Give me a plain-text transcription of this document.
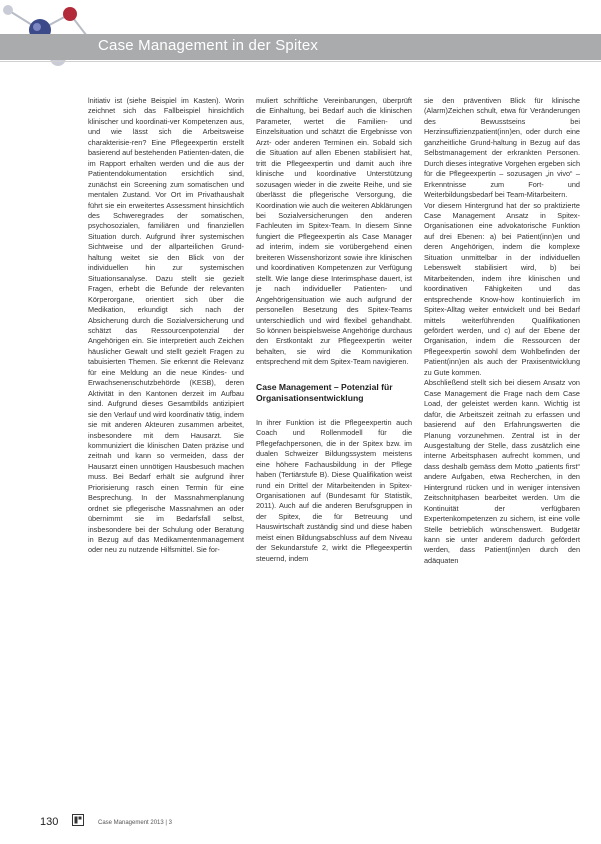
Case Management in der Spitex

lnitiativ ist (siehe Beispiel im Kasten). Worin zeichnet sich das Fallbeispiel hinsichtlich klinischer und koordinati-ver Kompetenzen aus, und wie lässt sich die Arbeitsweise charakterisie-ren? Eine Pflegeexpertin erstellt basierend auf bestehenden Patienten-daten, die im Rapport erhalten werden und die aus der Patientendokumentation ersichtlich sind, zunächst ein Screening zum somatischen und mentalen Zustand. Vor Ort im Privathaushalt führt sie ein erweitertes Assessment hinsichtlich des Schweregrades der somatischen, psychosozialen, familiären und finanziellen Situation durch. Aufgrund ihrer systemischen Sichtweise und der allparteilichen Grund-haltung weitet sie den Blick von der individuellen hin zur systemischen Situationsanalyse. Dazu stellt sie gezielt Fragen, erhebt die Befunde der relevanten Körperorgane, orientiert sich über die Medikation, erkundigt sich nach der Absicherung durch die Sozialversicherung und schätzt das Ressourcenpotenzial der Angehörigen ein. Sie interpretiert auch Zeichen häuslicher Gewalt und stellt gezielt Fragen zu tabuisierten Themen. Sie erkennt die Relevanz für eine Meldung an die neue Kindes- und Erwachsenenschutzbehörde (KESB), deren Aktivität in den Kantonen derzeit im Aufbau sind. Aufgrund dieses Gesamtbilds antizipiert sie den Verlauf und wird koordinativ tätig, indem sie mit anderen Akteuren zusammen arbeitet, insbesondere mit dem Hausarzt. Sie kommuniziert die klinischen Daten präzise und zeitnah und kann so vermeiden, dass der Hausarzt einen unnötigen Hausbesuch machen muss. Bei Bedarf erhält sie aufgrund ihrer Priorisierung rasch einen Termin für eine Besprechung. In der Massnahmenplanung ordnet sie pflegerische Massnahmen an oder übernimmt sie im Bedarfsfall selbst, insbesondere bei der Schulung oder Beratung in Bezug auf das Medikamentenmanagement oder neu zu nutzende Hilfsmittel. Sie for-

muliert schriftliche Vereinbarungen, überprüft die Einhaltung, bei Bedarf auch die klinischen Parameter, wertet die Familien- und Einzelsituation und schätzt die Ergebnisse von Arzt- oder anderen Terminen ein. Sobald sich die Situation auf allen Ebenen stabilisiert hat, tritt die Pflegeexpertin und damit auch ihre klinische und koordinative Unterstützung sozusagen wieder in die zweite Reihe, und sie überlässt die pflegerische Versorgung, die Koordination wie auch die weiteren Abklärungen bei Sozialversicherungen den anderen Fachleuten im Spitex-Team. In diesem Sinne fungiert die Pflegeexpertin als Case Manager ad interim, indem sie vorübergehend einen breiteren Wissenshorizont sowie ihre klinischen und koordinativen Kompetenzen zur Verfügung stellt. Wie lange diese Interimsphase dauert, ist je nach individueller Patienten- und Angehörigensituation wie auch aufgrund der personellen Besetzung des Spitex-Teams unterschiedlich und wird flexibel gehandhabt. So können beispielsweise Angehörige durchaus den Erstkontakt zur Pflegeexpertin weiter behalten, sie wird die Kommunikation entsprechend mit dem Spitex-Team navigieren.

Case Management – Potenzial für Organisationsentwicklung

In ihrer Funktion ist die Pflegeexpertin auch Coach und Rollenmodell für die Pflegefachpersonen, die in der Spitex bzw. im dualen Schweizer Bildungssystem meistens eine höhere Fachausbildung in der Pflege haben (Tertiärstufe B). Diese Qualifikation weist rund ein Drittel der Mitarbeitenden in Spitex-Organisationen auf (Bundesamt für Statistik, 2011). Auch auf die anderen Berufsgruppen in der Spitex, die für Betreuung und Hauswirtschaft zuständig sind und diese haben meist einen Bildungsabschluss auf dem Niveau der Sekundarstufe 2, wirkt die Pflegeexpertin steuernd, indem

sie den präventiven Blick für klinische (Alarm)Zeichen schult, etwa für Veränderungen des Bewusstseins bei Herzinsuffizienzpatient(inn)en, oder durch eine ganzheitliche Grund-haltung in Bezug auf das Selbstmanagement der erkrankten Personen. Durch dieses integrative Vorgehen ergeben sich für die Pflegeexpertin – sozusagen „in vivo“ – Erkenntnisse zum Fort- und Weiterbildungsbedarf bei Team-Mitarbeitern.

Vor diesem Hintergrund hat der so praktizierte Case Management Ansatz in Spitex-Organisationen eine advokatorische Funktion auf drei Ebenen: a) bei Patient(inn)en und deren Angehörigen, indem die komplexe Situation unmittelbar in der individuellen Lebenswelt stabilisiert wird, b) bei Mitarbeitenden, indem ihre klinischen und koordinativen Fähigkeiten und das entsprechende Know-how kontinuierlich im Spitex-Alltag weiter entwickelt und bei Bedarf mittels weiterführenden Qualifikationen gefördert werden, und c) auf der Ebene der Organisation, indem die Ressourcen der Pflegeexpertin sowohl dem Wohlbefinden der Patient(inn)en als auch der Praxisentwicklung zu Gute kommen.

Abschließend stellt sich bei diesem Ansatz von Case Management die Frage nach dem Case Load, der geleistet werden kann. Wichtig ist dafür, die Arbeitszeit zeitnah zu erfassen und basierend auf den Erfahrungswerten die Planung vorzunehmen. Zentral ist in der Ausgestaltung der Stelle, dass zusätzlich eine interne Arbeitsphasen aufrecht kommen, und dass deshalb gemäss dem Motto „patients first“ andere Aufgaben, etwa Recherchen, in den Hintergrund rücken und in weniger intensiven Zeitschnitphasen bearbeitet werden. Um die Kontinuität der verfügbaren Expertenkompetenzen zu sichern, ist eine volle Stelle betrieblich wünschenswert. Budgetär kann sie unter anderem dadurch gefördert werden, dass Patient(inn)en durch den adäquaten

130	Case Management 2013 | 3
